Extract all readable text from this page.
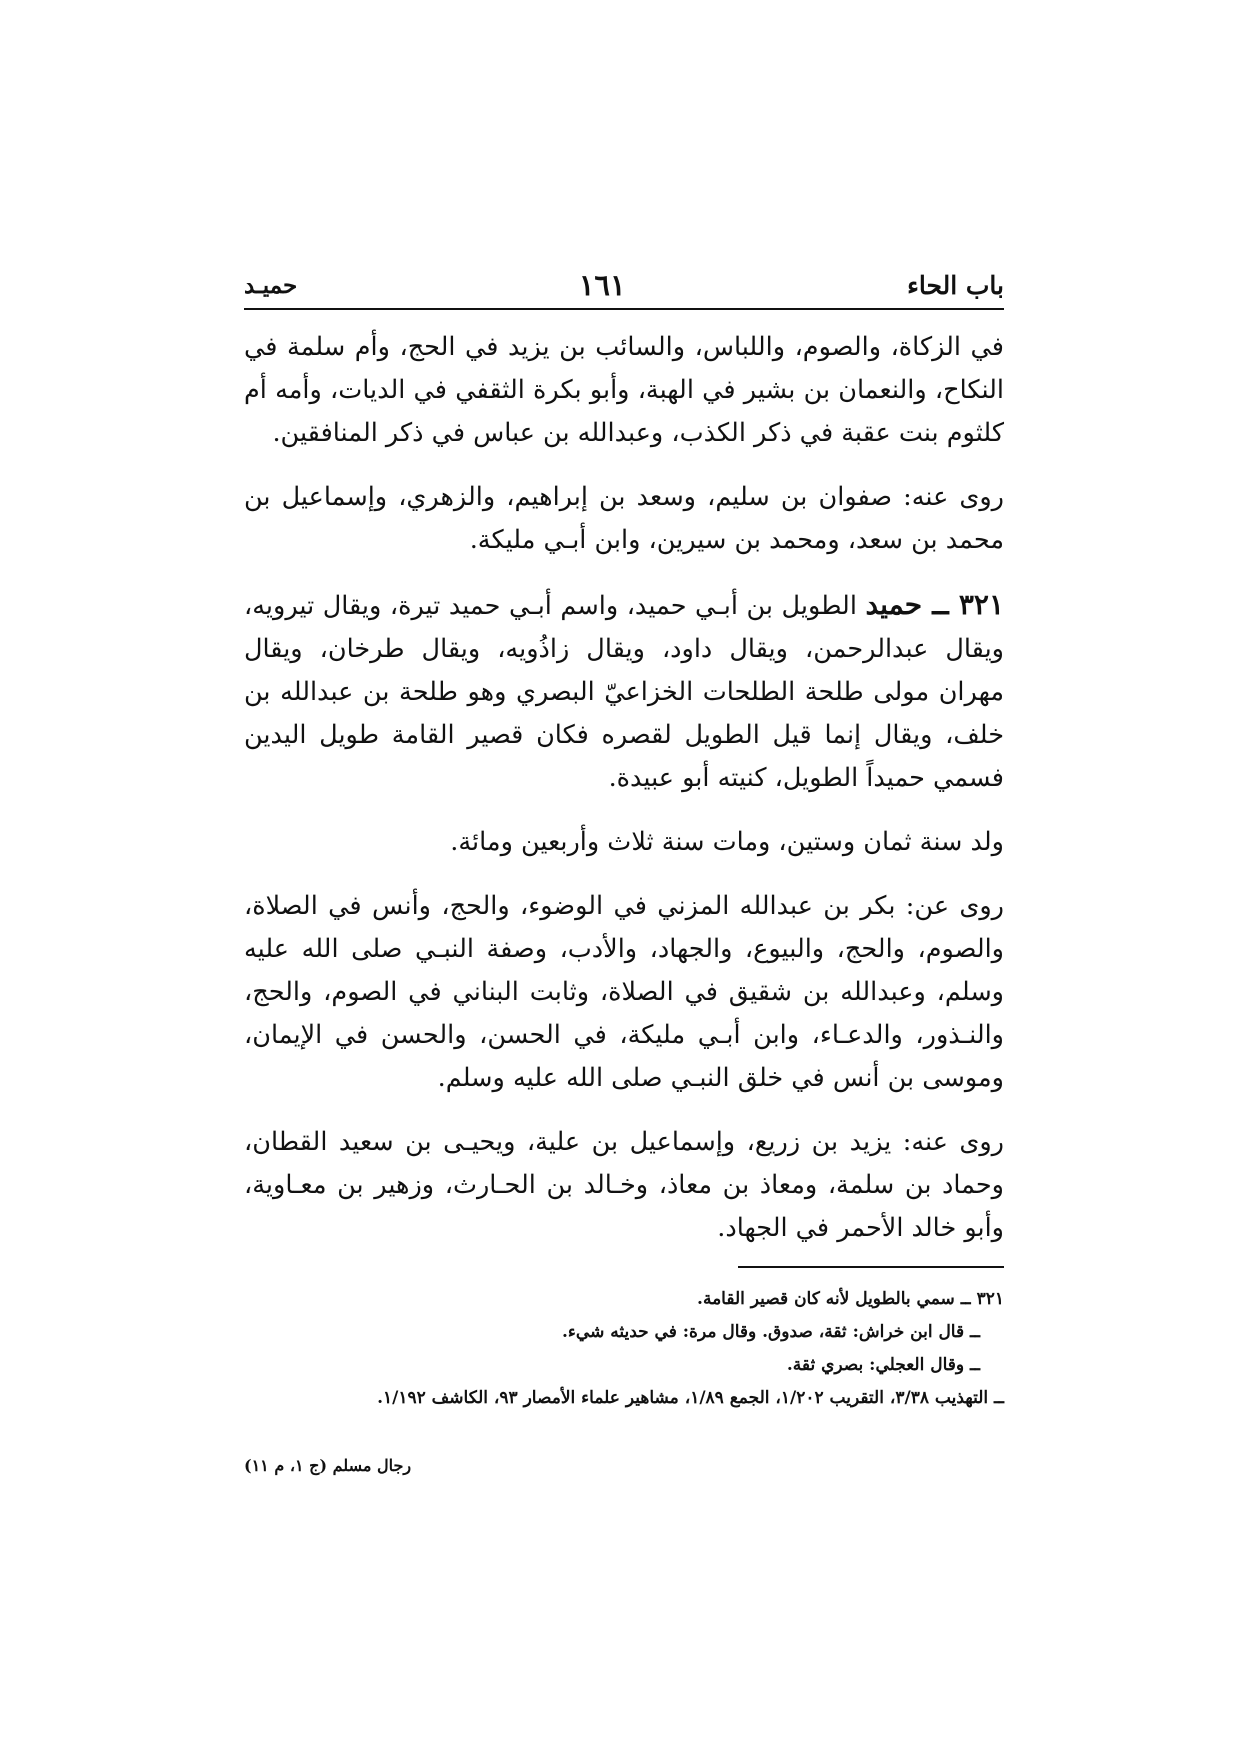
باب الحاء
١٦١
حميـد

في الزكاة، والصوم، واللباس، والسائب بن يزيد في الحج، وأم سلمة في النكاح، والنعمان بن بشير في الهبة، وأبو بكرة الثقفي في الديات، وأمه أم كلثوم بنت عقبة في ذكر الكذب، وعبدالله بن عباس في ذكر المنافقين.

روى عنه: صفوان بن سليم، وسعد بن إبراهيم، والزهري، وإسماعيل بن محمد بن سعد، ومحمد بن سيرين، وابن أبـي مليكة.

٣٢١ ــ حميد الطويل بن أبـي حميد، واسم أبـي حميد تيرة، ويقال تيرويه، ويقال عبدالرحمن، ويقال داود، ويقال زاذُويه، ويقال طرخان، ويقال مهران مولى طلحة الطلحات الخزاعيّ البصري وهو طلحة بن عبدالله بن خلف، ويقال إنما قيل الطويل لقصره فكان قصير القامة طويل اليدين فسمي حميداً الطويل، كنيته أبو عبيدة.

ولد سنة ثمان وستين، ومات سنة ثلاث وأربعين ومائة.

روى عن: بكر بن عبدالله المزني في الوضوء، والحج، وأنس في الصلاة، والصوم، والحج، والبيوع، والجهاد، والأدب، وصفة النبـي صلى الله عليه وسلم، وعبدالله بن شقيق في الصلاة، وثابت البناني في الصوم، والحج، والنـذور، والدعـاء، وابن أبـي مليكة، في الحسن، والحسن في الإيمان، وموسى بن أنس في خلق النبـي صلى الله عليه وسلم.

روى عنه: يزيد بن زريع، وإسماعيل بن علية، ويحيـى بن سعيد القطان، وحماد بن سلمة، ومعاذ بن معاذ، وخـالد بن الحـارث، وزهير بن معـاوية، وأبو خالد الأحمر في الجهاد.

٣٢١ ــ سمي بالطويل لأنه كان قصير القامة.

ــ قال ابن خراش: ثقة، صدوق. وقال مرة: في حديثه شيء.

ــ وقال العجلي: بصري ثقة.

ــ التهذيب ٣/٣٨، التقريب ١/٢٠٢، الجمع ١/٨٩، مشاهير علماء الأمصار ٩٣، الكاشف ١/١٩٢.

رجال مسلم (ج ١، م ١١)
